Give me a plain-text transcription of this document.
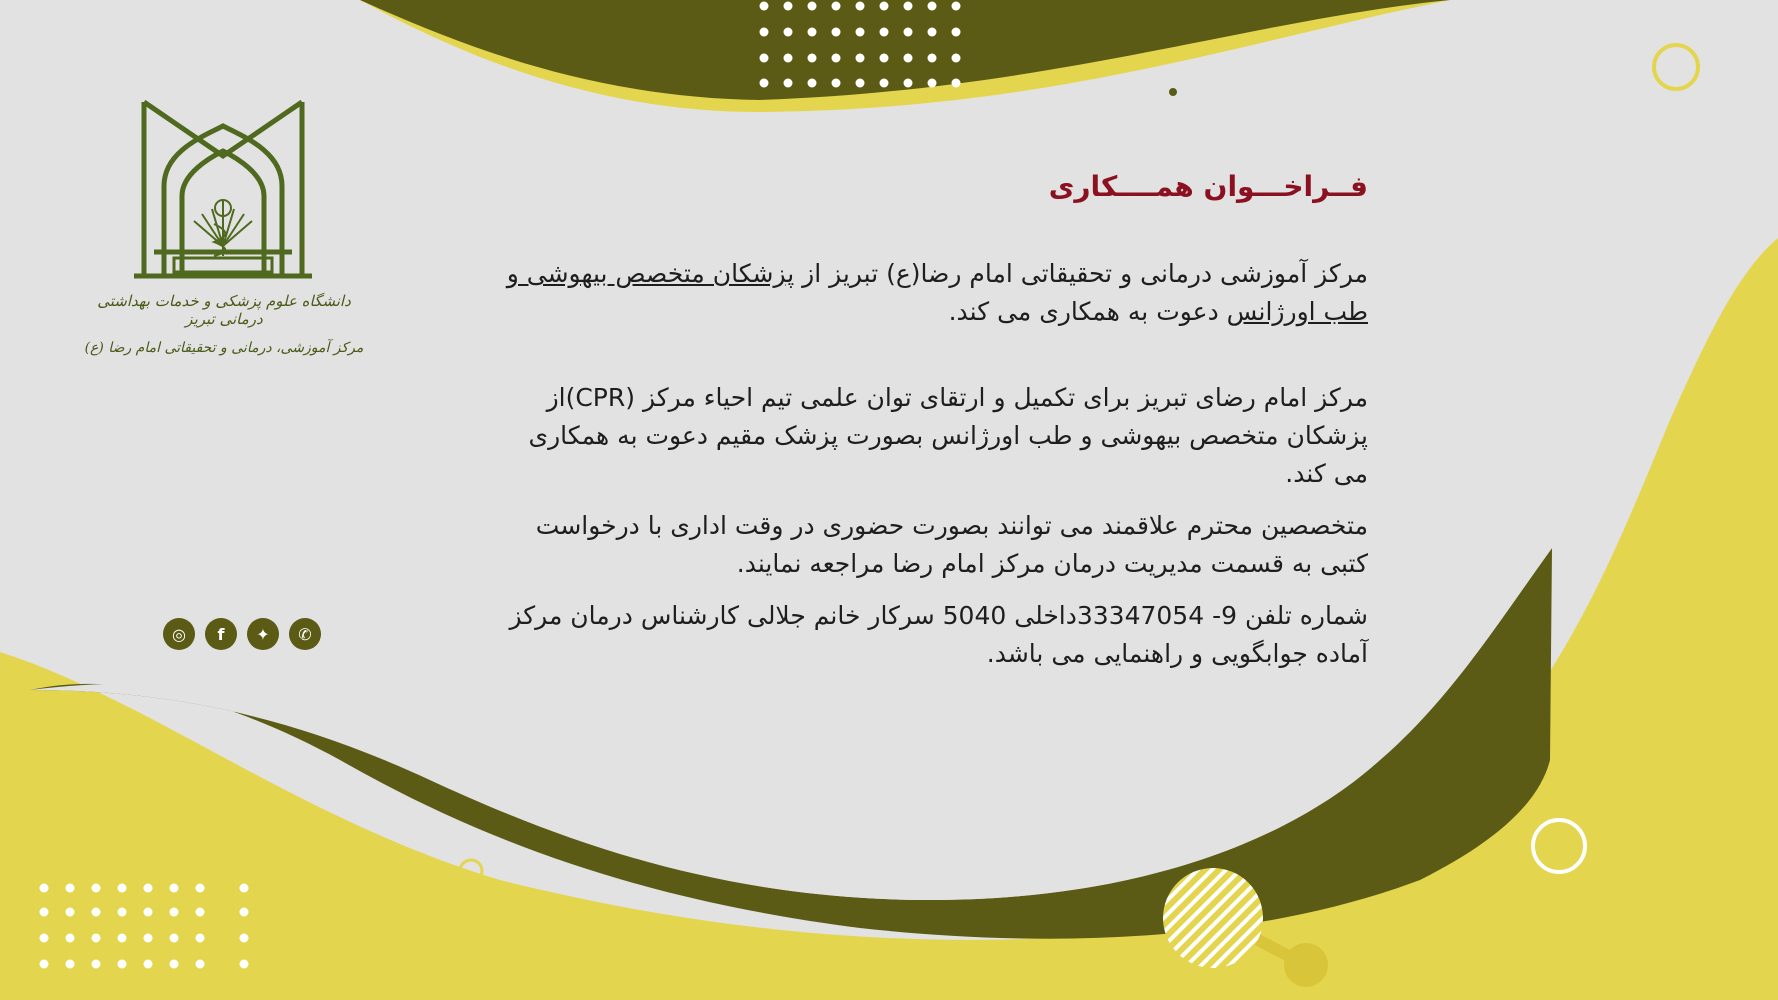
دانشگاه علوم پزشکی و خدمات بهداشتی درمانی تبریز
مرکز آموزشی، درمانی و تحقیقاتی امام رضا (ع)
◎	f	✦	✆
فــراخـــوان همــــکاری

مرکز آموزشی درمانی و تحقیقاتی امام رضا(ع) تبریز از پزشکان متخصص بیهوشی و طب اورژانس دعوت به همکاری می کند.

مرکز امام رضای تبریز برای تکمیل و ارتقای توان علمی تیم احیاء مرکز (CPR)از پزشکان متخصص بیهوشی و طب اورژانس بصورت پزشک مقیم دعوت به همکاری می کند.

متخصصین محترم علاقمند می توانند بصورت حضوری در وقت اداری با درخواست کتبی به قسمت مدیریت درمان مرکز امام رضا مراجعه نمایند.

شماره تلفن 9- 33347054داخلی 5040 سرکار خانم جلالی کارشناس درمان مرکز آماده جوابگویی و راهنمایی می باشد.
